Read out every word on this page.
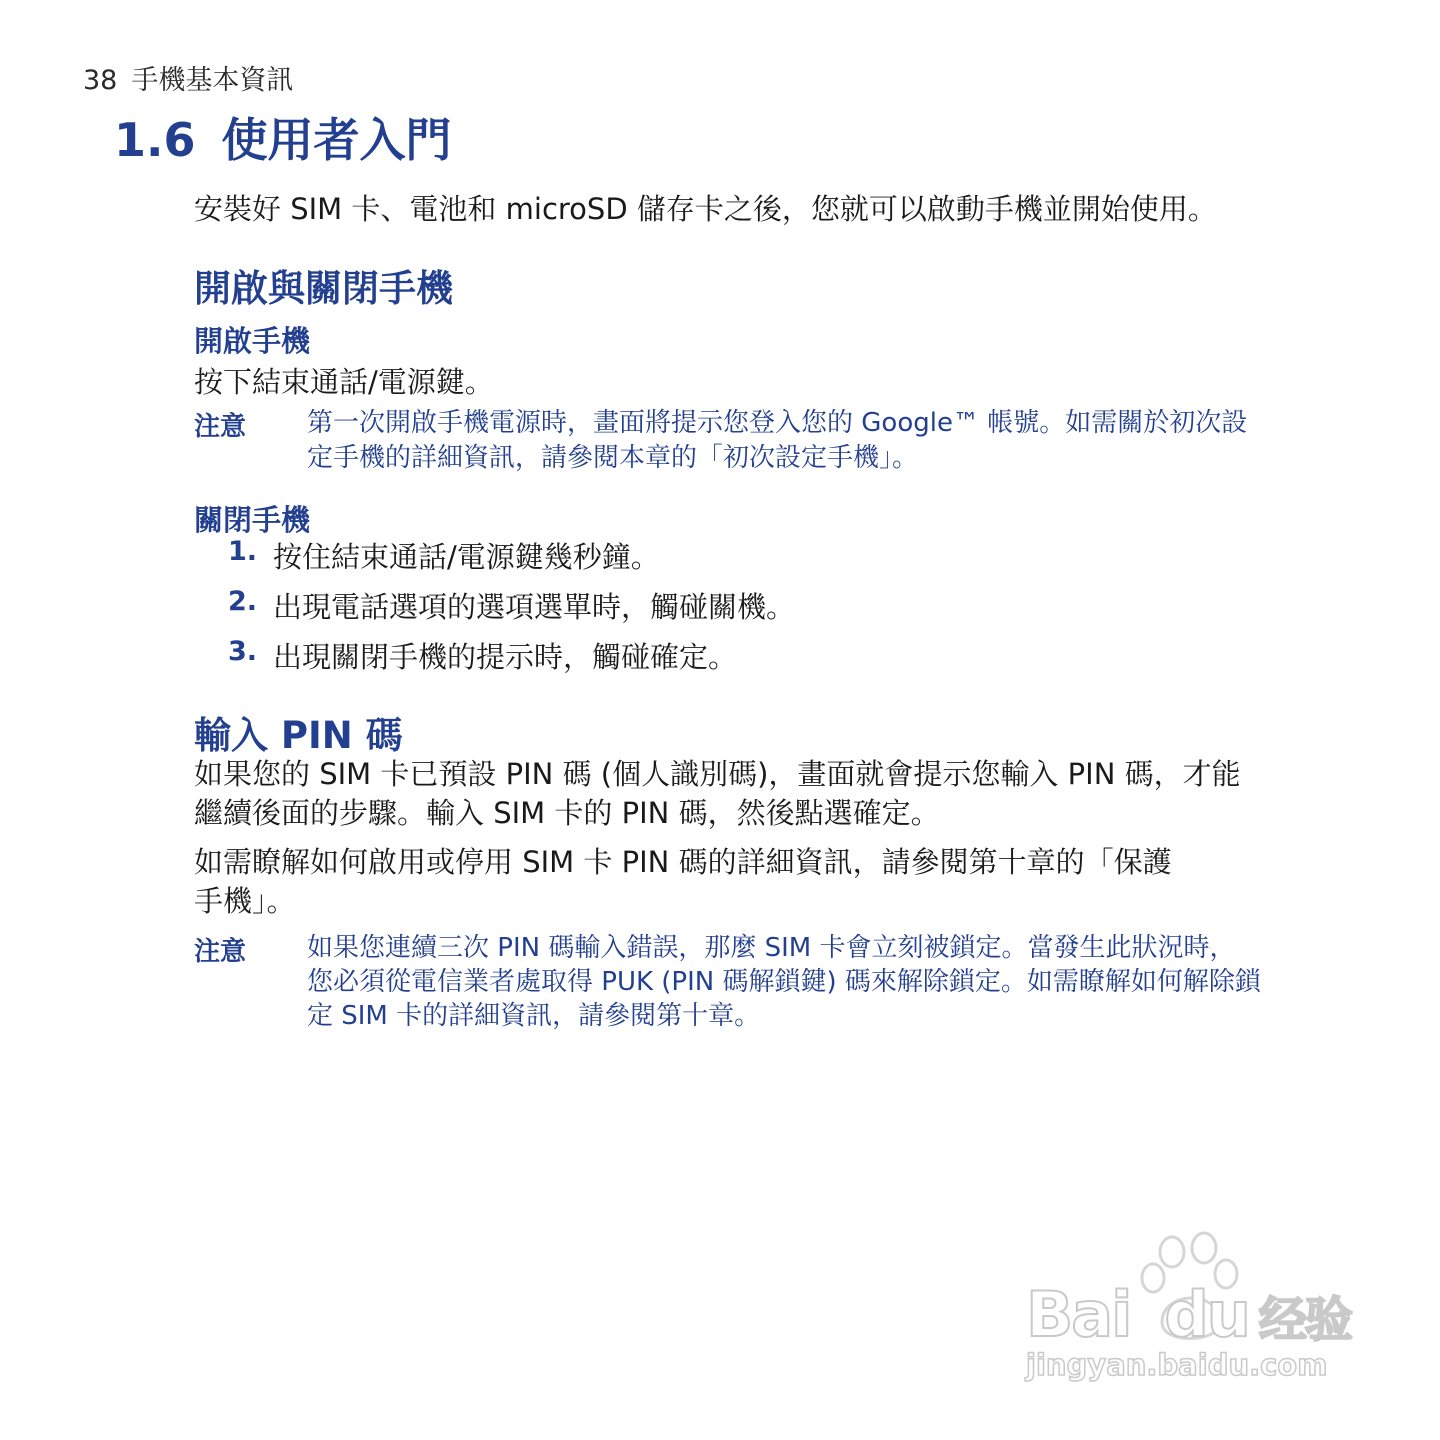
38 手機基本資訊
1.6 使用者入門
安裝好 SIM 卡、電池和 microSD 儲存卡之後，您就可以啟動手機並開始使用。
開啟與關閉手機
開啟手機
按下結束通話/電源鍵。
注意 第一次開啟手機電源時，畫面將提示您登入您的 Google™ 帳號。如需關於初次設
定手機的詳細資訊，請參閱本章的「初次設定手機」。
關閉手機
1. 按住結束通話/電源鍵幾秒鐘。
2. 出現電話選項的選項選單時，觸碰關機。
3. 出現關閉手機的提示時，觸碰確定。
輸入 PIN 碼
如果您的 SIM 卡已預設 PIN 碼 (個人識別碼)，畫面就會提示您輸入 PIN 碼，才能
繼續後面的步驟。輸入 SIM 卡的 PIN 碼，然後點選確定。
如需瞭解如何啟用或停用 SIM 卡 PIN 碼的詳細資訊，請參閱第十章的「保護
手機」。
注意 如果您連續三次 PIN 碼輸入錯誤，那麼 SIM 卡會立刻被鎖定。當發生此狀況時，
您必須從電信業者處取得 PUK (PIN 碼解鎖鍵) 碼來解除鎖定。如需瞭解如何解除鎖
定 SIM 卡的詳細資訊，請參閱第十章。
Bai du 经验
jingyan.baidu.com
